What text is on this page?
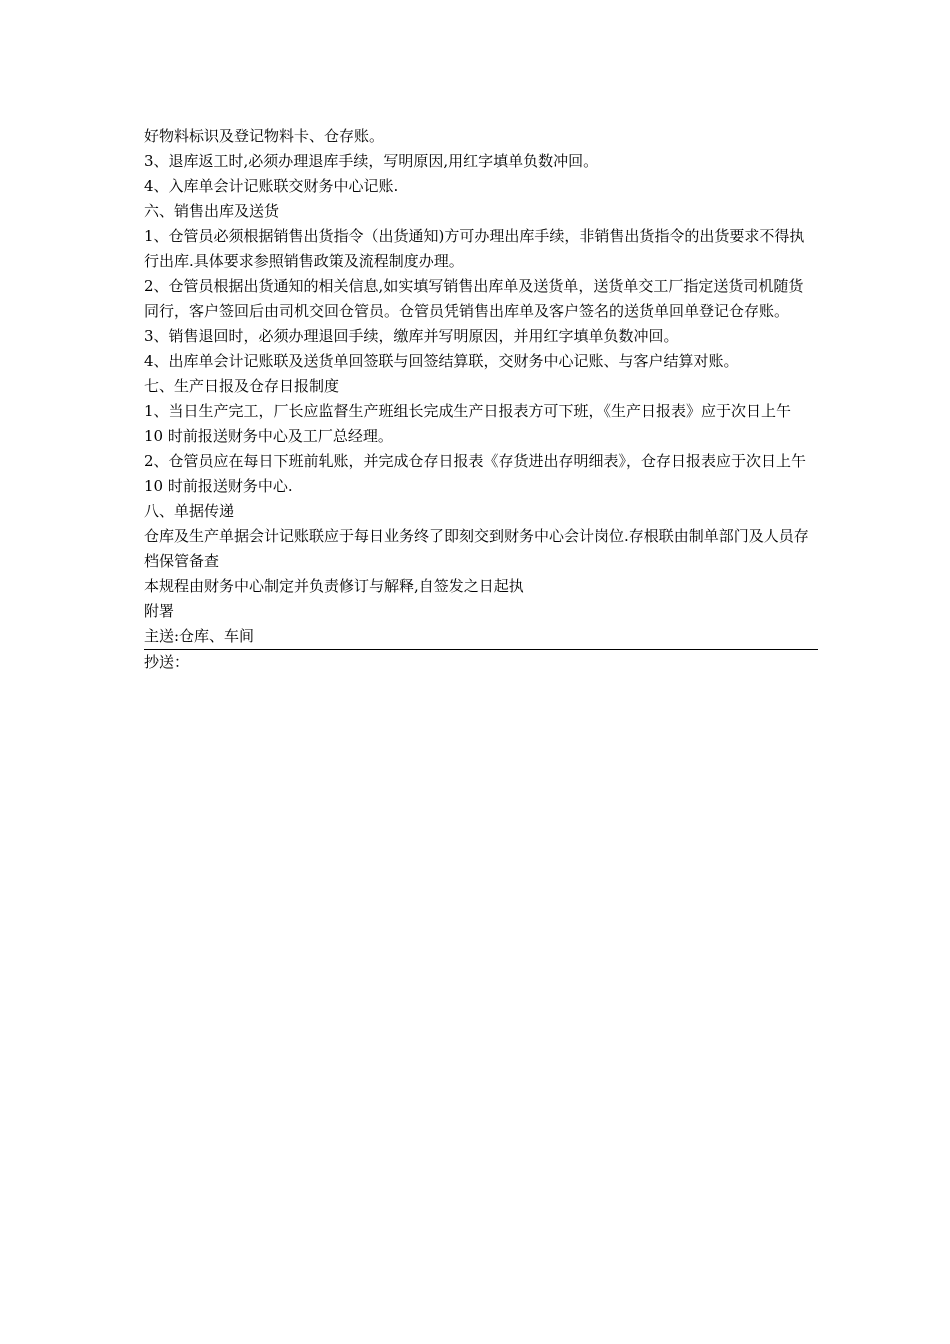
好物料标识及登记物料卡、仓存账。

3、退库返工时,必须办理退库手续，写明原因,用红字填单负数冲回。

4、入库单会计记账联交财务中心记账.

六、销售出库及送货

1、仓管员必须根据销售出货指令（出货通知)方可办理出库手续，非销售出货指令的出货要求不得执行出库.具体要求参照销售政策及流程制度办理。

2、仓管员根据出货通知的相关信息,如实填写销售出库单及送货单，送货单交工厂指定送货司机随货同行，客户签回后由司机交回仓管员。仓管员凭销售出库单及客户签名的送货单回单登记仓存账。

3、销售退回时，必须办理退回手续，缴库并写明原因，并用红字填单负数冲回。

4、出库单会计记账联及送货单回签联与回签结算联，交财务中心记账、与客户结算对账。

七、生产日报及仓存日报制度

1、当日生产完工，厂长应监督生产班组长完成生产日报表方可下班，《生产日报表》应于次日上午 10 时前报送财务中心及工厂总经理。

2、仓管员应在每日下班前轧账，并完成仓存日报表《存货进出存明细表》，仓存日报表应于次日上午 10 时前报送财务中心.

八、单据传递

仓库及生产单据会计记账联应于每日业务终了即刻交到财务中心会计岗位.存根联由制单部门及人员存档保管备查

本规程由财务中心制定并负责修订与解释,自签发之日起执

附署

主送:仓库、车间

抄送：
